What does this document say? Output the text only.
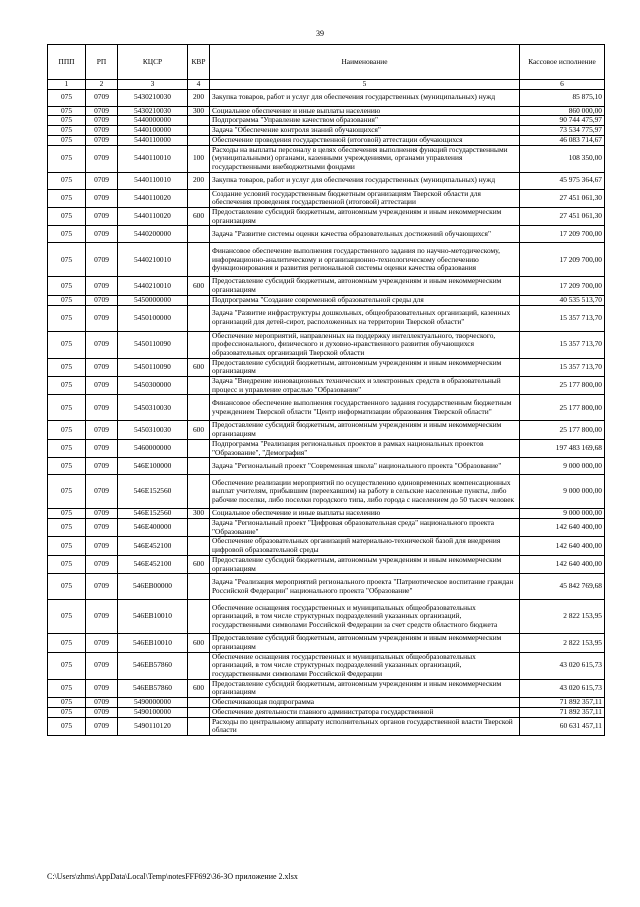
39
ППП	РП	КЦСР	КВР	Наименование	Кассовое исполнение
1	2	3	4	5	6
075	0709	5430210030	200	Закупка товаров, работ и услуг для обеспечения государственных (муниципальных) нужд	85 875,10
075	0709	5430210030	300	Социальное обеспечение и иные выплаты населению	860 000,00
075	0709	5440000000		Подпрограмма "Управление качеством образования"	90 744 475,97
075	0709	5440100000		Задача "Обеспечение контроля знаний обучающихся"	73 534 775,97
075	0709	5440110000		Обеспечение проведения государственной (итоговой) аттестации обучающихся	46 083 714,67
075	0709	5440110010	100	Расходы на выплаты персоналу в целях обеспечения выполнения функций государственными (муниципальными) органами, казенными учреждениями, органами управления государственными внебюджетными фондами	108 350,00
075	0709	5440110010	200	Закупка товаров, работ и услуг для обеспечения государственных (муниципальных) нужд	45 975 364,67
075	0709	5440110020		Создание условий государственным бюджетным организациям Тверской области для обеспечения проведения государственной (итоговой) аттестации	27 451 061,30
075	0709	5440110020	600	Предоставление субсидий бюджетным, автономным учреждениям и иным некоммерческим организациям	27 451 061,30
075	0709	5440200000		Задача "Развитие системы оценки качества образовательных достижений обучающихся"	17 209 700,00
075	0709	5440210010		Финансовое обеспечение выполнения государственного задания по научно-методическому, информационно-аналитическому и организационно-технологическому обеспечению функционирования и развития региональной системы оценки качества образования	17 209 700,00
075	0709	5440210010	600	Предоставление субсидий бюджетным, автономным учреждениям и иным некоммерческим организациям	17 209 700,00
075	0709	5450000000		Подпрограмма "Создание современной образовательной среды для	40 535 513,70
075	0709	5450100000		Задача "Развитие инфраструктуры дошкольных, общеобразовательных организаций, казенных организаций для детей-сирот, расположенных на территории Тверской области"	15 357 713,70
075	0709	5450110090		Обеспечение мероприятий, направленных на поддержку интеллектуального, творческого, профессионального, физического и духовно-нравственного развития обучающихся образовательных организаций Тверской области	15 357 713,70
075	0709	5450110090	600	Предоставление субсидий бюджетным, автономным учреждениям и иным некоммерческим организациям	15 357 713,70
075	0709	5450300000		Задача "Внедрение инновационных технических и электронных средств в образовательный процесс и управление отраслью "Образование"	25 177 800,00
075	0709	5450310030		Финансовое обеспечение выполнения государственного задания государственным бюджетным учреждением Тверской области "Центр информатизации образования Тверской области"	25 177 800,00
075	0709	5450310030	600	Предоставление субсидий бюджетным, автономным учреждениям и иным некоммерческим организациям	25 177 800,00
075	0709	5460000000		Подпрограмма "Реализация региональных проектов в рамках национальных проектов "Образование", "Демография"	197 483 169,68
075	0709	546E100000		Задача "Региональный проект "Современная школа" национального проекта "Образование"	9 000 000,00
075	0709	546E152560		Обеспечение реализации мероприятий по осуществлению единовременных компенсационных выплат учителям, прибывшим (переехавшим) на работу в сельские населенные пункты, либо рабочие поселки, либо поселки городского типа, либо города с населением до 50 тысяч человек	9 000 000,00
075	0709	546E152560	300	Социальное обеспечение и иные выплаты населению	9 000 000,00
075	0709	546E400000		Задача "Региональный проект "Цифровая образовательная среда" национального проекта "Образование"	142 640 400,00
075	0709	546E452100		Обеспечение образовательных организаций материально-технической базой для внедрения цифровой образовательной среды	142 640 400,00
075	0709	546E452100	600	Предоставление субсидий бюджетным, автономным учреждениям и иным некоммерческим организациям	142 640 400,00
075	0709	546EB00000		Задача "Реализация мероприятий регионального проекта "Патриотическое воспитание граждан Российской Федерации" национального проекта "Образование"	45 842 769,68
075	0709	546EB10010		Обеспечение оснащения государственных и муниципальных общеобразовательных организаций, в том числе структурных подразделений указанных организаций, государственными символами Российской Федерации за счет средств областного бюджета	2 822 153,95
075	0709	546EB10010	600	Предоставление субсидий бюджетным, автономным учреждениям и иным некоммерческим организациям	2 822 153,95
075	0709	546EB57860		Обеспечение оснащения государственных и муниципальных общеобразовательных организаций, в том числе структурных подразделений указанных организаций, государственными символами Российской Федерации	43 020 615,73
075	0709	546EB57860	600	Предоставление субсидий бюджетным, автономным учреждениям и иным некоммерческим организациям	43 020 615,73
075	0709	5490000000		Обеспечивающая подпрограмма	71 892 357,11
075	0709	5490100000		Обеспечение деятельности главного администратора государственной	71 892 357,11
075	0709	5490110120		Расходы по центральному аппарату исполнительных органов государственной власти Тверской области	60 631 457,11
C:\Users\zhms\AppData\Local\Temp\notesFFF692\36-ЗО приложение 2.xlsx
